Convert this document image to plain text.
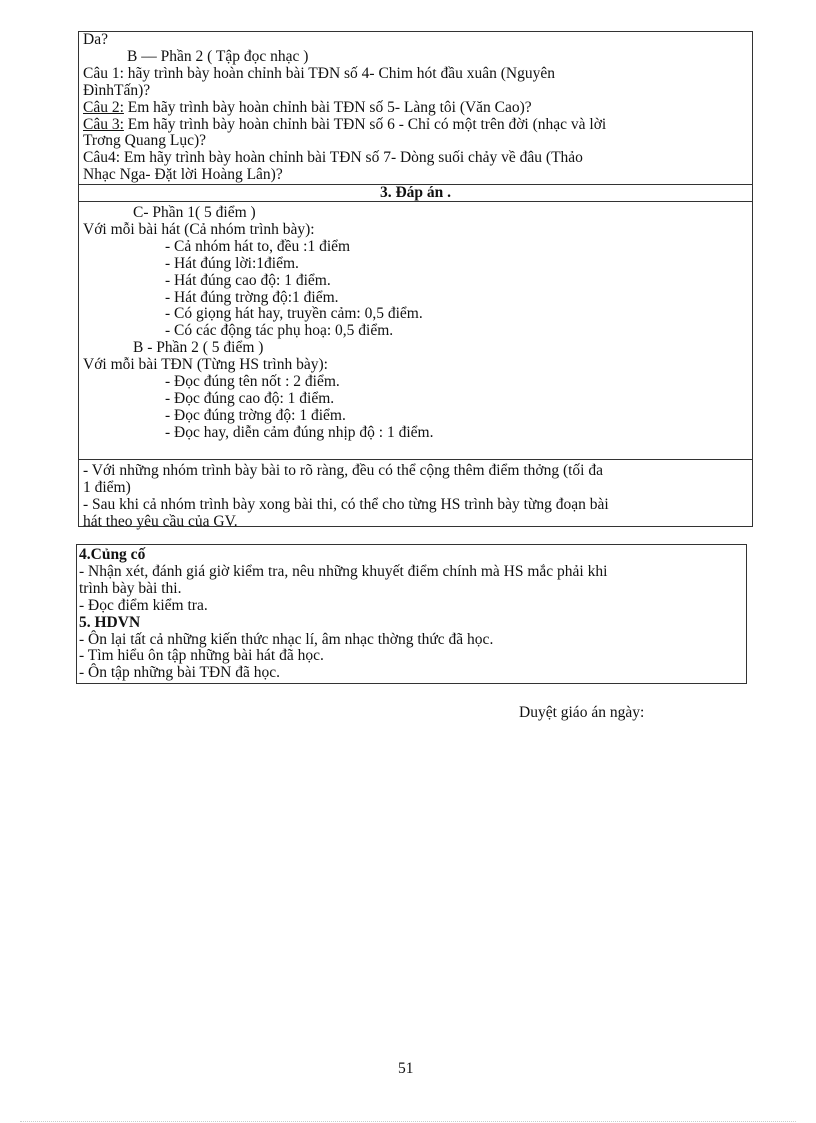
Da?
B –– Phần 2 ( Tập đọc nhạc )
Câu 1: hãy trình bày hoàn chỉnh bài TĐN số 4- Chim hót đầu xuân (Nguyên
ĐìnhTấn)?
Câu 2: Em hãy trình bày hoàn chỉnh bài TĐN số 5- Làng tôi (Văn Cao)?
Câu 3: Em hãy trình bày hoàn chỉnh bài TĐN số 6 - Chỉ có một trên đời (nhạc và lời
Trơng Quang Lục)?
Câu4: Em hãy trình bày hoàn chỉnh bài TĐN số 7- Dòng suối chảy về đâu (Thảo
Nhạc Nga- Đặt lời Hoàng Lân)?
3. Đáp án .
C- Phần 1( 5 điểm )
Với mỗi bài hát (Cả nhóm trình bày):
- Cả nhóm hát to, đều :1 điểm
- Hát đúng lời:1điểm.
- Hát đúng cao độ: 1 điểm.
- Hát đúng trờng độ:1 điểm.
- Có giọng hát hay, truyền cảm: 0,5 điểm.
- Có các động tác phụ hoạ: 0,5 điểm.
B - Phần 2 ( 5 điểm )
Với mỗi bài TĐN (Từng HS trình bày):
- Đọc đúng tên nốt : 2 điểm.
- Đọc đúng cao độ: 1 điểm.
- Đọc đúng trờng độ: 1 điểm.
- Đọc hay, diễn cảm đúng nhịp độ : 1 điểm.
- Với những nhóm trình bày bài to rõ ràng, đều có thể cộng thêm điểm thởng (tối đa
1 điểm)
- Sau khi cả nhóm trình bày xong bài thi, có thể cho từng HS trình bày từng đoạn bài
hát theo yêu cầu của GV.
4.Củng cố
- Nhận xét, đánh giá giờ kiểm tra, nêu những khuyết điểm chính mà HS mắc phải khi
trình bày bài thi.
- Đọc điểm kiểm tra.
5. HDVN
- Ôn lại tất cả những kiến thức nhạc lí, âm nhạc thờng thức đã học.
- Tìm hiểu ôn tập những bài hát đã học.
- Ôn tập những bài TĐN đã học.
Duyệt giáo án ngày:
51
